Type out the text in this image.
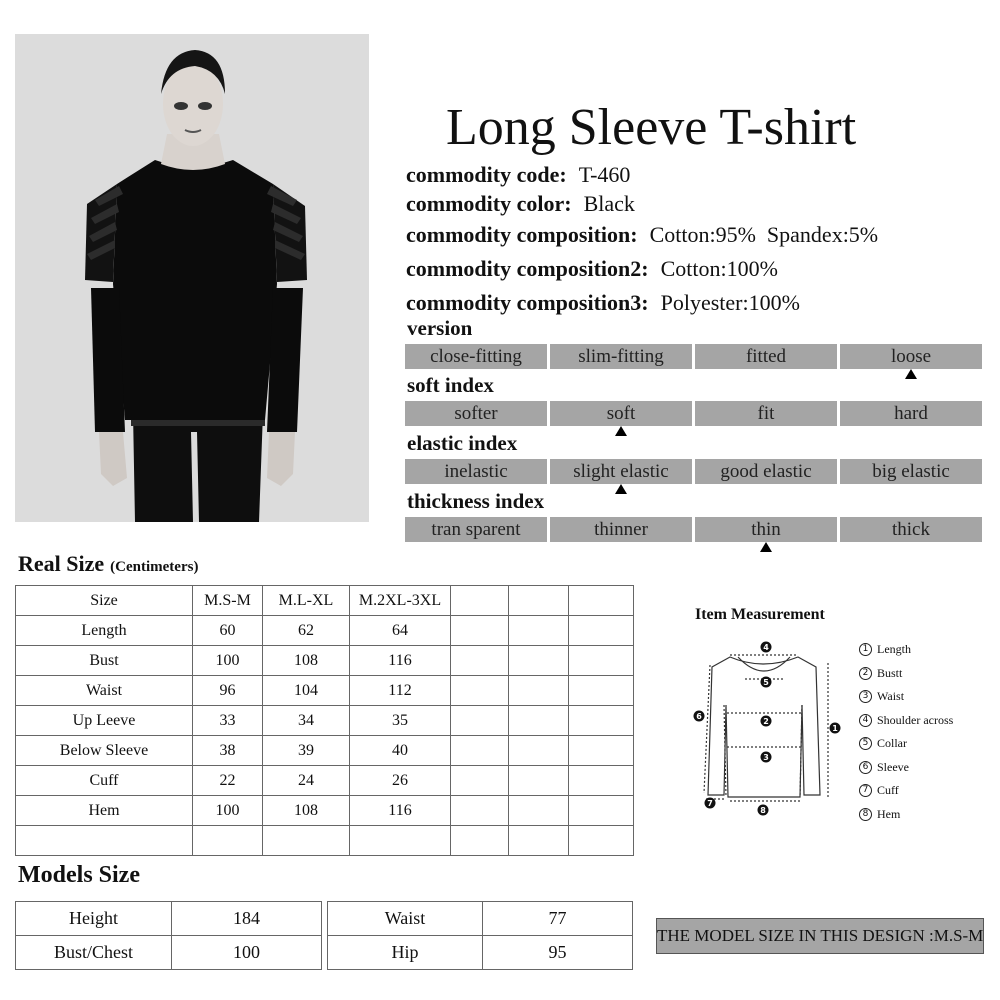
Long Sleeve T-shirt
commodity code: T-460
commodity color: Black
commodity composition: Cotton:95%  Spandex:5%
commodity composition2: Cotton:100%
commodity composition3: Polyester:100%
version
close-fitting	slim-fitting	fitted	loose
soft index
softer	soft	fit	hard
elastic index
inelastic	slight elastic	good elastic	big elastic
thickness index
tran sparent	thinner	thin	thick
Real Size (Centimeters)
Size	M.S-M	M.L-XL	M.2XL-3XL			
Length	60	62	64			
Bust	100	108	116			
Waist	96	104	112			
Up Leeve	33	34	35			
Below Sleeve	38	39	40			
Cuff	22	24	26			
Hem	100	108	116			

Item Measurement
4
5
2
3
1
6
7
8
1 Length
2 Bustt
3 Waist
4 Shoulder across
5 Collar
6 Sleeve
7 Cuff
8 Hem
Models Size
Height	184
Bust/Chest	100
Waist	77
Hip	95
THE MODEL SIZE IN THIS DESIGN :M.S-M
